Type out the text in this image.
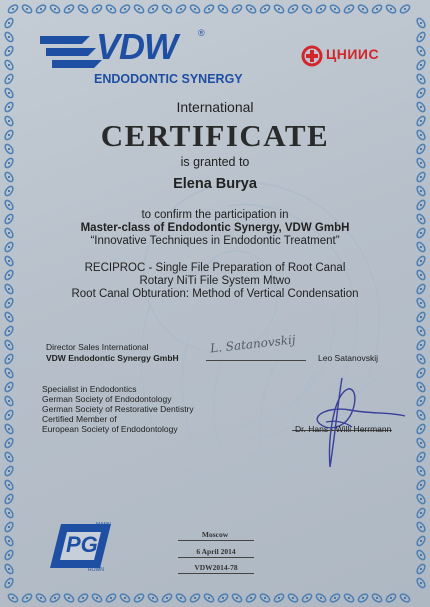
VDW ®
ENDODONTIC SYNERGY
ЦНИИС
International
CERTIFICATE
is granted to
Elena Burya
to confirm the participation in
Master-class of Endodontic Synergy, VDW GmbH
“Innovative Techniques in Endodontic Treatment”
RECIPROC - Single File Preparation of Root Canal
Rotary NiTi File System Mtwo
Root Canal Obturation: Method of Vertical Condensation
Director Sales International
VDW Endodontic Synergy GmbH
L. Satanovskij
Leo Satanovskij
Specialist in Endodontics
German Society of Endodontology
German Society of Restorative Dentistry
Certified Member of
European Society of Endodontology	Dr. Hans - Willi Herrmann
PG
MANN
ROWN
Moscow
6 April 2014
VDW2014-78
